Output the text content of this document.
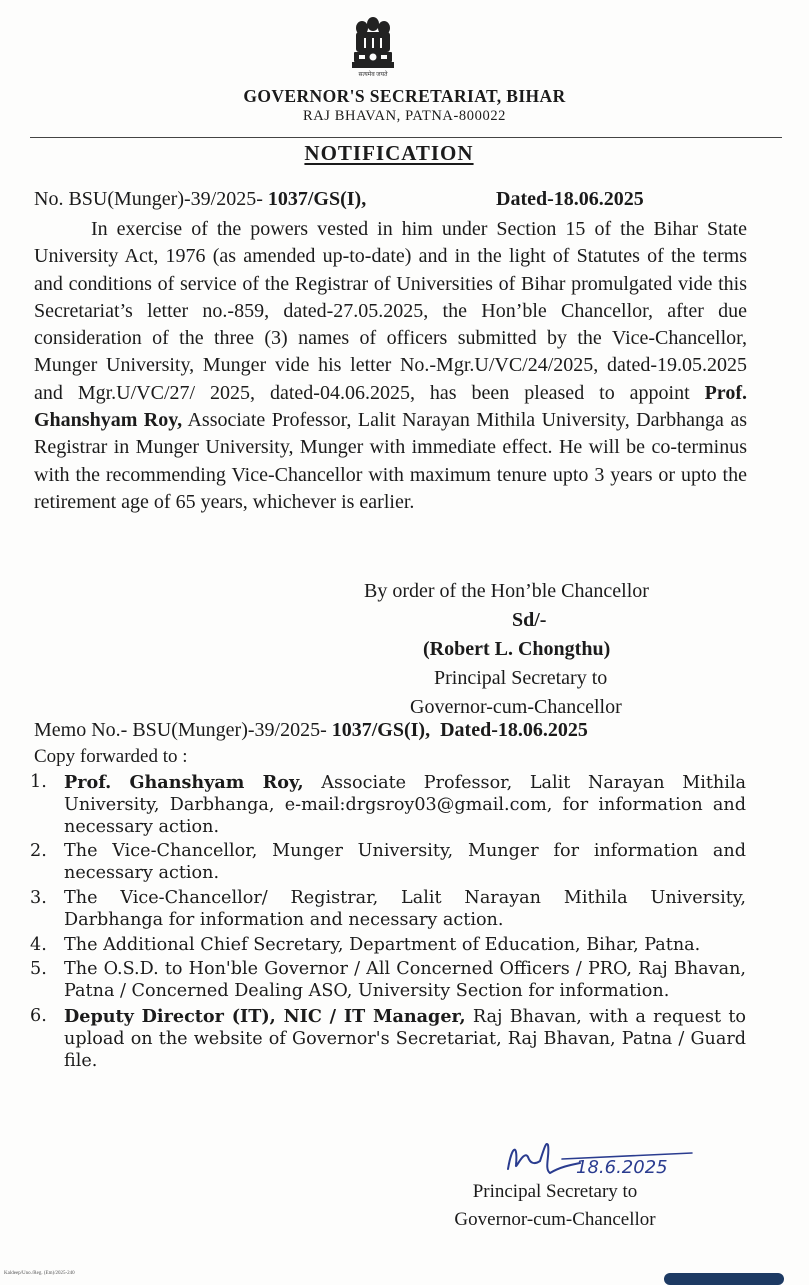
सत्यमेव जयते
GOVERNOR'S SECRETARIAT, BIHAR
RAJ BHAVAN, PATNA-800022
NOTIFICATION
No. BSU(Munger)-39/2025- 1037/GS(I),	Dated-18.06.2025
In exercise of the powers vested in him under Section 15 of the Bihar State University Act, 1976 (as amended up-to-date) and in the light of Statutes of the terms and conditions of service of the Registrar of Universities of Bihar promulgated vide this Secretariat’s letter no.-859, dated-27.05.2025, the Hon’ble Chancellor, after due consideration of the three (3) names of officers submitted by the Vice-Chancellor, Munger University, Munger vide his letter No.-Mgr.U/VC/24/2025, dated-19.05.2025 and Mgr.U/VC/27/ 2025, dated-04.06.2025, has been pleased to appoint Prof. Ghanshyam Roy, Associate Professor, Lalit Narayan Mithila University, Darbhanga as Registrar in Munger University, Munger with immediate effect. He will be co-terminus with the recommending Vice-Chancellor with maximum tenure upto 3 years or upto the retirement age of 65 years, whichever is earlier.
By order of the Hon’ble Chancellor
Sd/-
(Robert L. Chongthu)
Principal Secretary to
Governor-cum-Chancellor
Memo No.- BSU(Munger)-39/2025- 1037/GS(I), Dated-18.06.2025
Copy forwarded to :
1. Prof. Ghanshyam Roy, Associate Professor, Lalit Narayan Mithila University, Darbhanga, e-mail:drgsroy03@gmail.com, for information and necessary action.
2. The Vice-Chancellor, Munger University, Munger for information and necessary action.
3. The Vice-Chancellor/ Registrar, Lalit Narayan Mithila University, Darbhanga for information and necessary action.
4. The Additional Chief Secretary, Department of Education, Bihar, Patna.
5. The O.S.D. to Hon'ble Governor / All Concerned Officers / PRO, Raj Bhavan, Patna / Concerned Dealing ASO, University Section for information.
6. Deputy Director (IT), NIC / IT Manager, Raj Bhavan, with a request to upload on the website of Governor's Secretariat, Raj Bhavan, Patna / Guard file.
18.6.2025
Principal Secretary to
Governor-cum-Chancellor
Kaldeep/Uno./Reg. (Em)/2025-240
